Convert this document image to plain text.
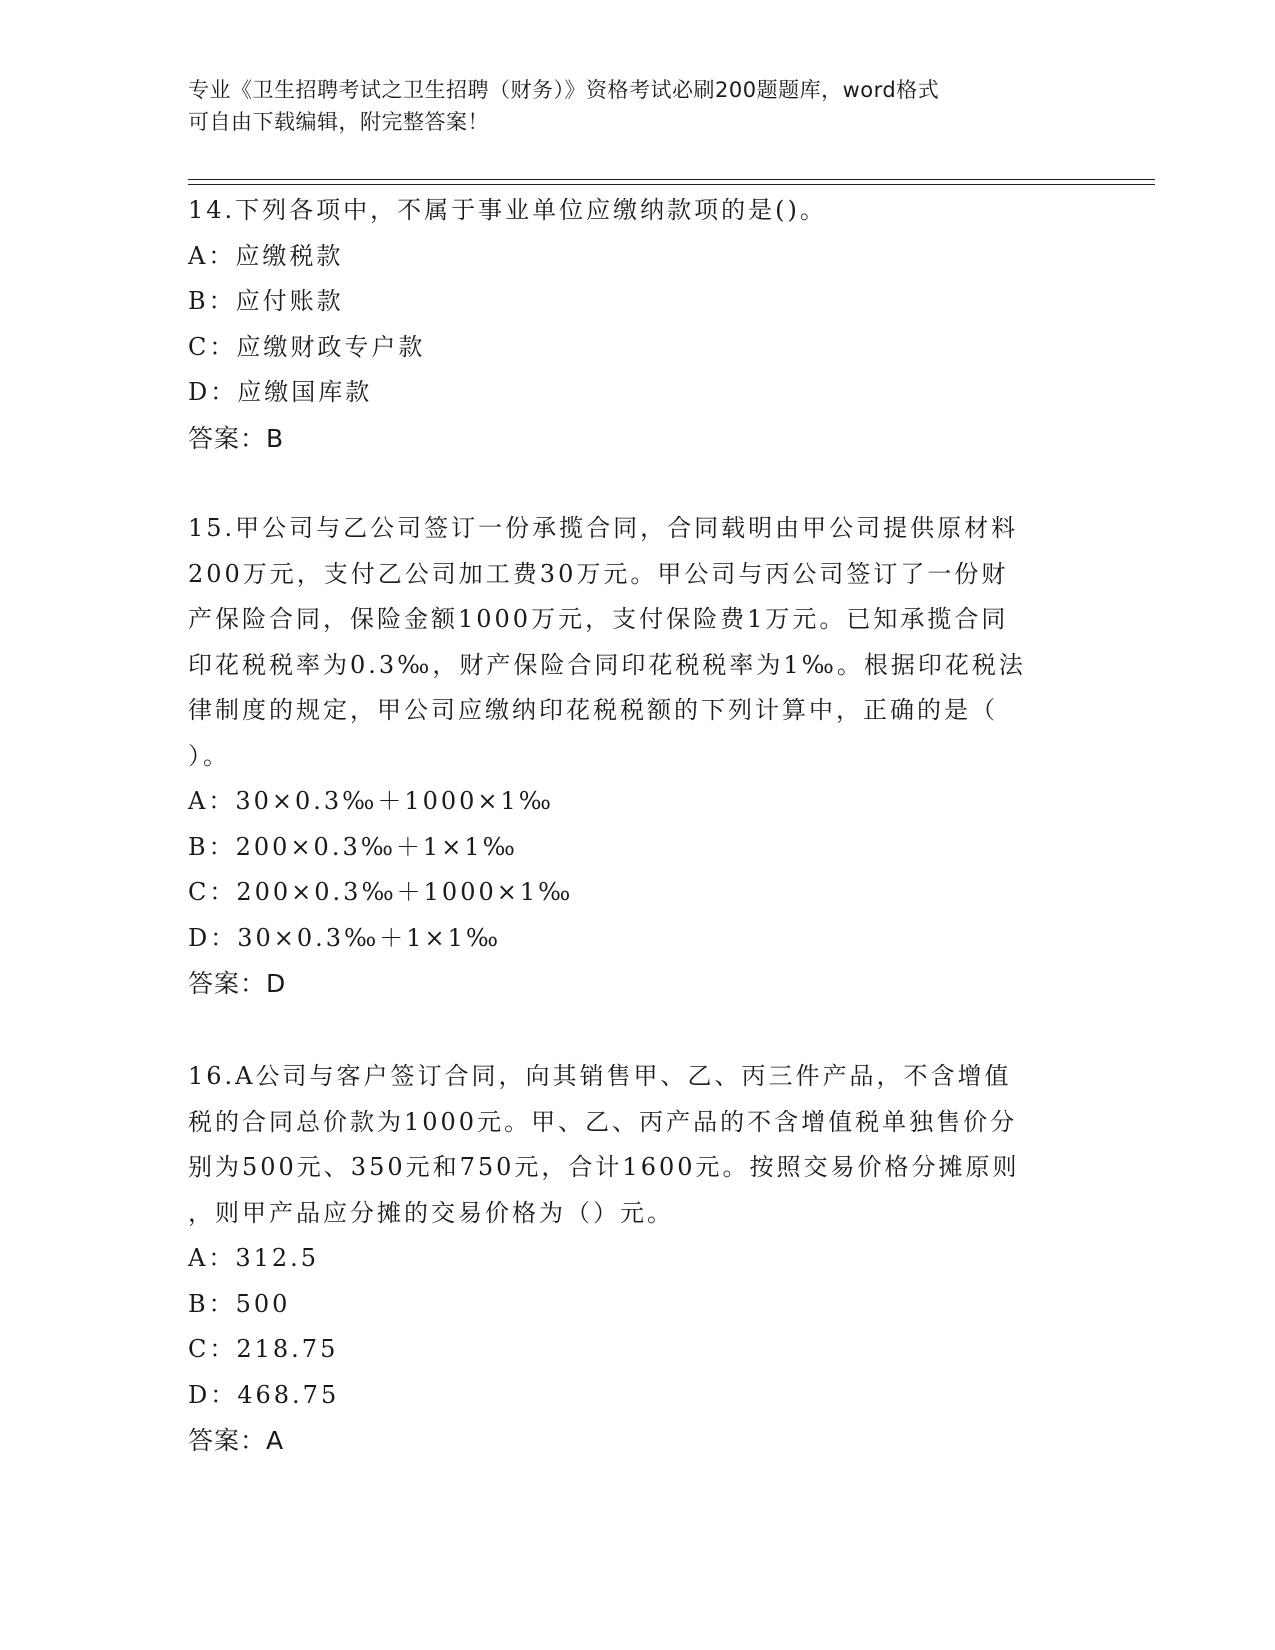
专业《卫生招聘考试之卫生招聘（财务）》资格考试必刷200题题库，word格式
可自由下载编辑，附完整答案！
14.下列各项中，不属于事业单位应缴纳款项的是()。
A：应缴税款
B：应付账款
C：应缴财政专户款
D：应缴国库款
答案：B
15.甲公司与乙公司签订一份承揽合同，合同载明由甲公司提供原材料
200万元，支付乙公司加工费30万元。甲公司与丙公司签订了一份财
产保险合同，保险金额1000万元，支付保险费1万元。已知承揽合同
印花税税率为0.3‰，财产保险合同印花税税率为1‰。根据印花税法
律制度的规定，甲公司应缴纳印花税税额的下列计算中，正确的是（
）。
A：30×0.3‰＋1000×1‰
B：200×0.3‰＋1×1‰
C：200×0.3‰＋1000×1‰
D：30×0.3‰＋1×1‰
答案：D
16.A公司与客户签订合同，向其销售甲、乙、丙三件产品，不含增值
税的合同总价款为1000元。甲、乙、丙产品的不含增值税单独售价分
别为500元、350元和750元，合计1600元。按照交易价格分摊原则
，则甲产品应分摊的交易价格为（）元。
A：312.5
B：500
C：218.75
D：468.75
答案：A
